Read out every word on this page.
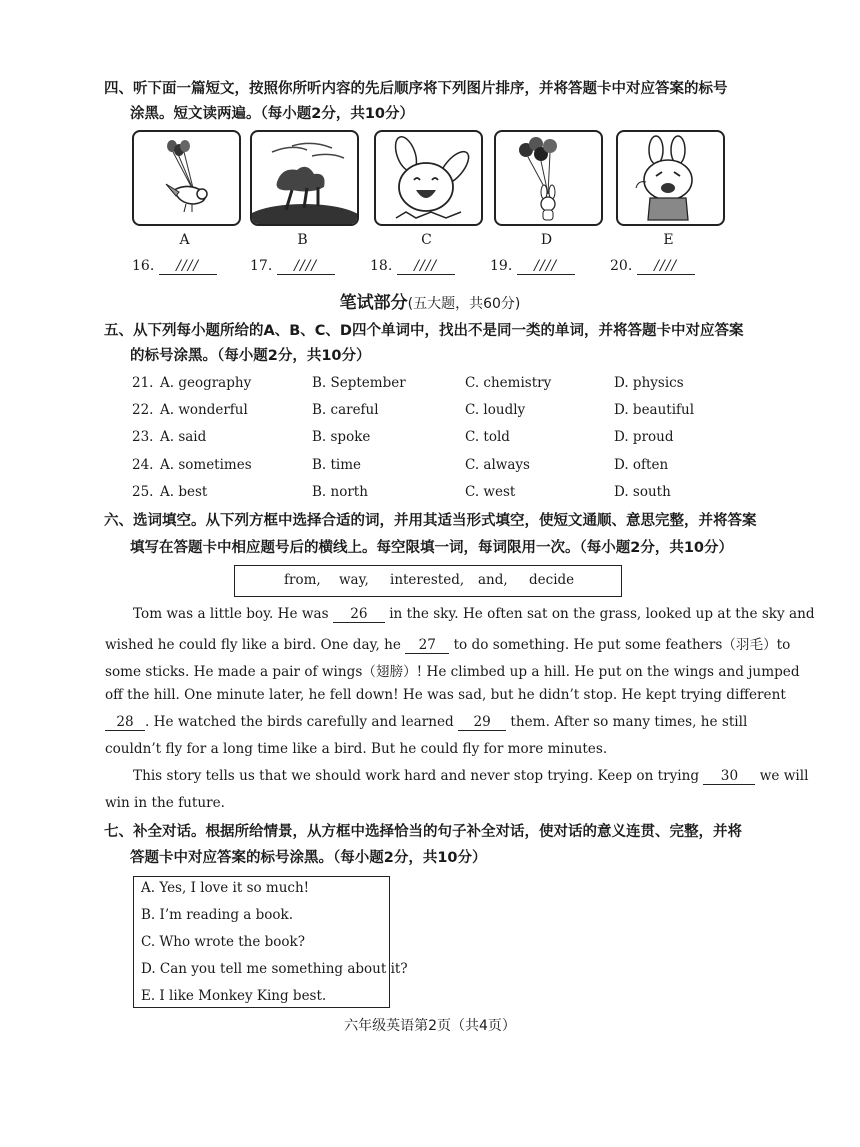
四、听下面一篇短文，按照你所听内容的先后顺序将下列图片排序，并将答题卡中对应答案的标号
涂黑。短文读两遍。（每小题2分，共10分）
A	B	C	D	E
16. ////	17. ////	18. ////	19. ////	20. ////
笔试部分(五大题，共60分)
五、从下列每小题所给的A、B、C、D四个单词中，找出不是同一类的单词，并将答题卡中对应答案
的标号涂黑。（每小题2分，共10分）
21. A. geography	B. September	C. chemistry	D. physics
22. A. wonderful	B. careful	C. loudly	D. beautiful
23. A. said	B. spoke	C. told	D. proud
24. A. sometimes	B. time	C. always	D. often
25. A. best	B. north	C. west	D. south
六、选词填空。从下列方框中选择合适的词，并用其适当形式填空，使短文通顺、意思完整，并将答案
填写在答题卡中相应题号后的横线上。每空限填一词，每词限用一次。（每小题2分，共10分）
from, way, interested, and, decide
Tom was a little boy. He was 26 in the sky. He often sat on the grass, looked up at the sky and
wished he could fly like a bird. One day, he 27 to do something. He put some feathers（羽毛）to
some sticks. He made a pair of wings（翅膀）! He climbed up a hill. He put on the wings and jumped
off the hill. One minute later, he fell down! He was sad, but he didn’t stop. He kept trying different
28 . He watched the birds carefully and learned 29 them. After so many times, he still
couldn’t fly for a long time like a bird. But he could fly for more minutes.
This story tells us that we should work hard and never stop trying. Keep on trying 30 we will
win in the future.
七、补全对话。根据所给情景，从方框中选择恰当的句子补全对话，使对话的意义连贯、完整，并将
答题卡中对应答案的标号涂黑。（每小题2分，共10分）
A. Yes, I love it so much!
B. I’m reading a book.
C. Who wrote the book?
D. Can you tell me something about it?
E. I like Monkey King best.
六年级英语第2页（共4页）
